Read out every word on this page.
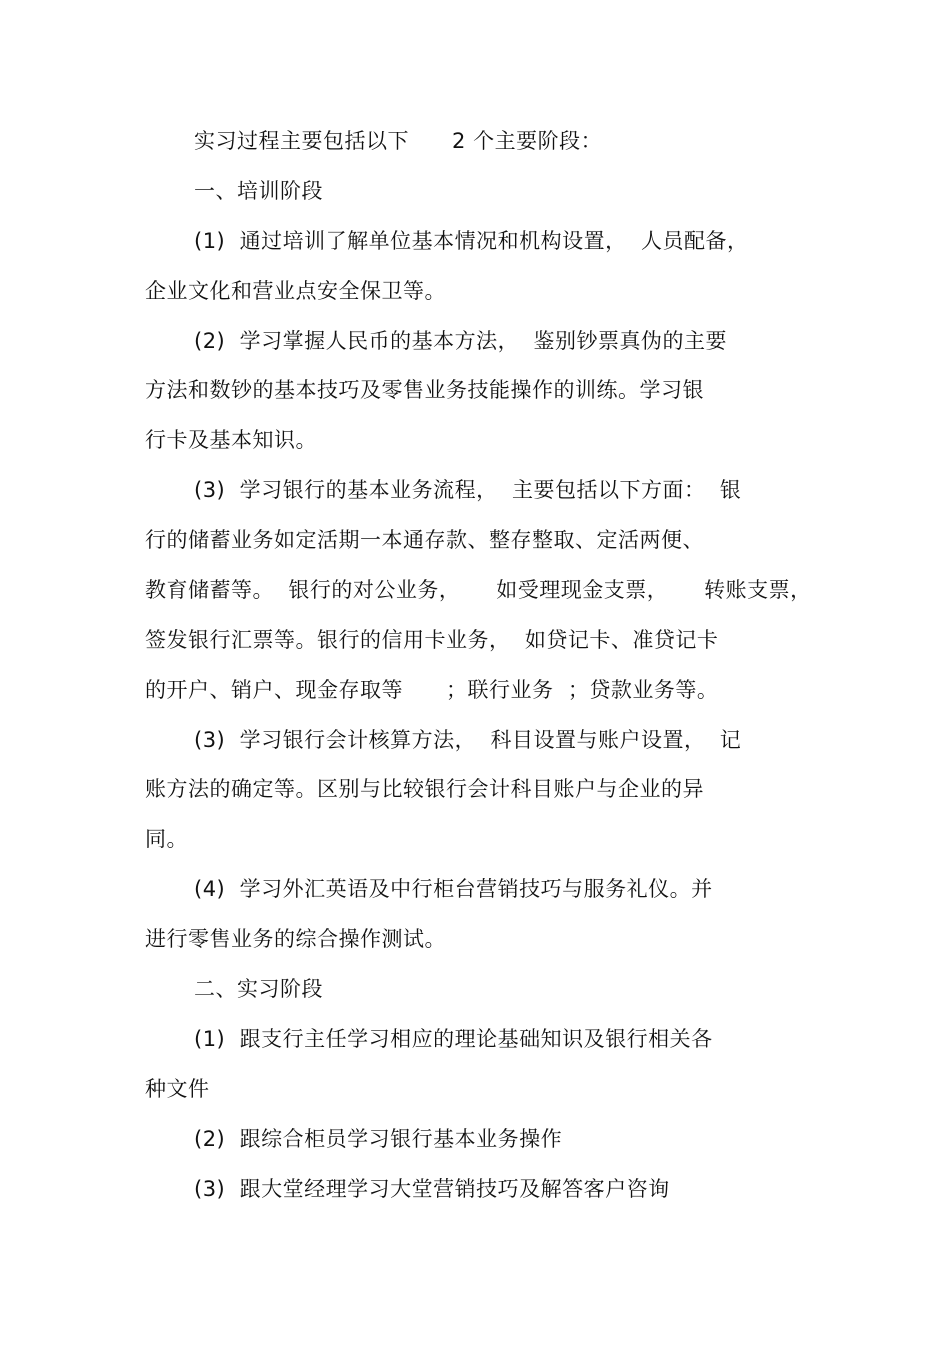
实习过程主要包括以下      2 个主要阶段：
一、培训阶段
(1)  通过培训了解单位基本情况和机构设置，  人员配备，
企业文化和营业点安全保卫等。
(2)  学习掌握人民币的基本方法，  鉴别钞票真伪的主要
方法和数钞的基本技巧及零售业务技能操作的训练。学习银
行卡及基本知识。
(3)  学习银行的基本业务流程，  主要包括以下方面：  银
行的储蓄业务如定活期一本通存款、整存整取、定活两便、
教育储蓄等。  银行的对公业务，     如受理现金支票，     转账支票，
签发银行汇票等。银行的信用卡业务，  如贷记卡、准贷记卡
的开户、销户、现金存取等      ；联行业务  ；贷款业务等。
(3)  学习银行会计核算方法，  科目设置与账户设置，  记
账方法的确定等。区别与比较银行会计科目账户与企业的异
同。
(4)  学习外汇英语及中行柜台营销技巧与服务礼仪。并
进行零售业务的综合操作测试。
二、实习阶段
(1)  跟支行主任学习相应的理论基础知识及银行相关各
种文件
(2)  跟综合柜员学习银行基本业务操作
(3)  跟大堂经理学习大堂营销技巧及解答客户咨询
